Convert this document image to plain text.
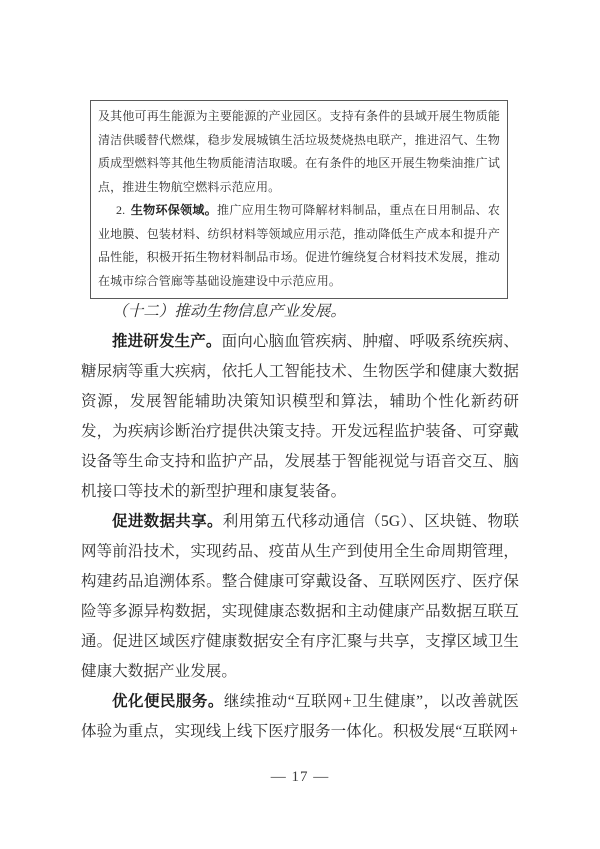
及其他可再生能源为主要能源的产业园区。支持有条件的县域开展生物质能清洁供暖替代燃煤，稳步发展城镇生活垃圾焚烧热电联产，推进沼气、生物质成型燃料等其他生物质能清洁取暖。在有条件的地区开展生物柴油推广试点，推进生物航空燃料示范应用。

2. 生物环保领域。推广应用生物可降解材料制品，重点在日用制品、农业地膜、包装材料、纺织材料等领域应用示范，推动降低生产成本和提升产品性能，积极开拓生物材料制品市场。促进竹缠绕复合材料技术发展，推动在城市综合管廊等基础设施建设中示范应用。

（十二）推动生物信息产业发展。

推进研发生产。面向心脑血管疾病、肿瘤、呼吸系统疾病、糖尿病等重大疾病，依托人工智能技术、生物医学和健康大数据资源，发展智能辅助决策知识模型和算法，辅助个性化新药研发，为疾病诊断治疗提供决策支持。开发远程监护装备、可穿戴设备等生命支持和监护产品，发展基于智能视觉与语音交互、脑机接口等技术的新型护理和康复装备。

促进数据共享。利用第五代移动通信（5G）、区块链、物联网等前沿技术，实现药品、疫苗从生产到使用全生命周期管理，构建药品追溯体系。整合健康可穿戴设备、互联网医疗、医疗保险等多源异构数据，实现健康态数据和主动健康产品数据互联互通。促进区域医疗健康数据安全有序汇聚与共享，支撑区域卫生健康大数据产业发展。

优化便民服务。继续推动“互联网+卫生健康”，以改善就医体验为重点，实现线上线下医疗服务一体化。积极发展“互联网+

— 17 —
